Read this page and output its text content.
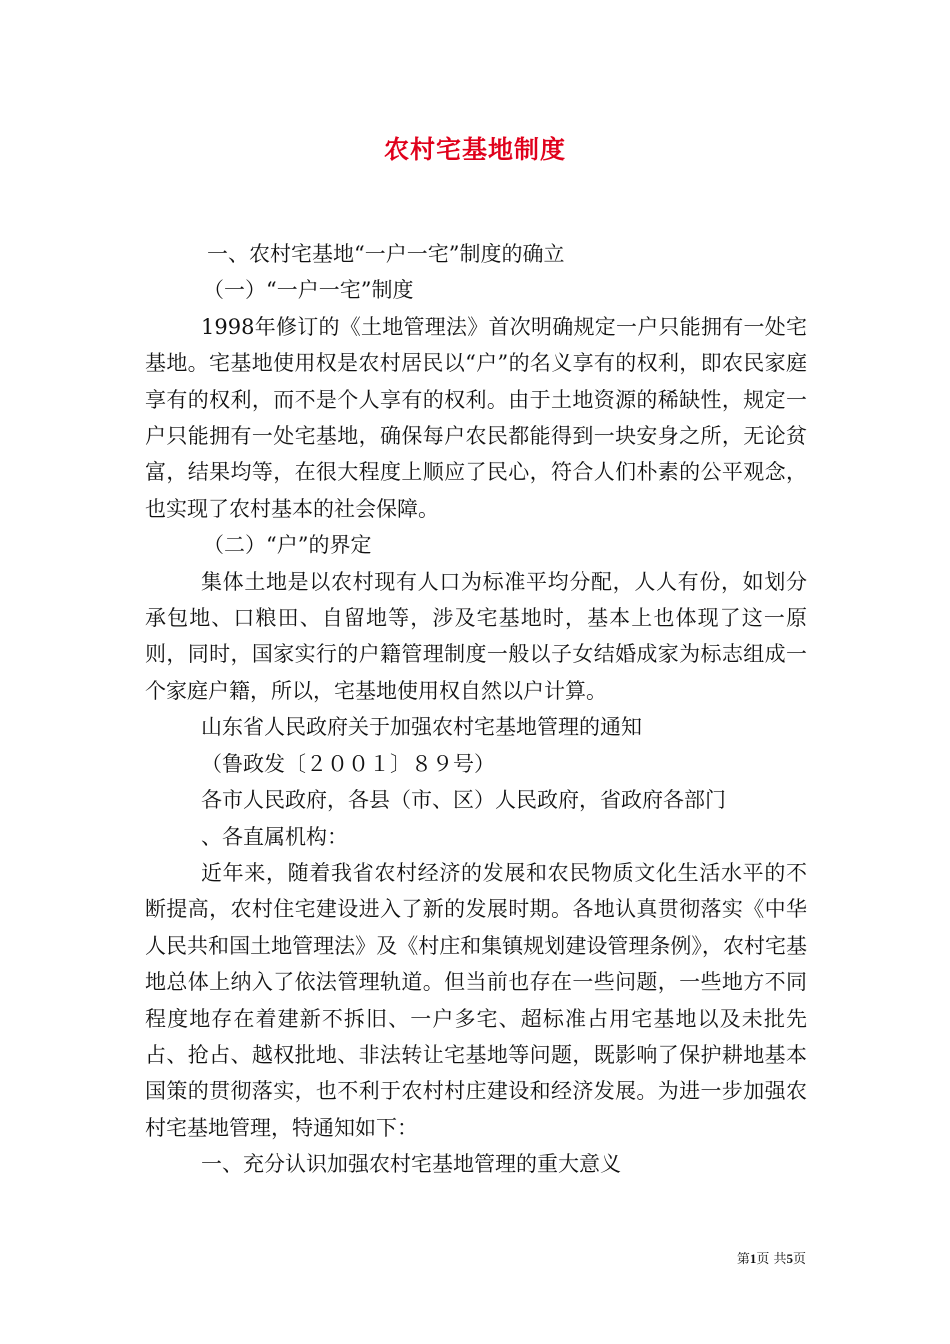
农村宅基地制度

一、农村宅基地“一户一宅”制度的确立

（一）“一户一宅”制度

1998年修订的《土地管理法》首次明确规定一户只能拥有一处宅基地。宅基地使用权是农村居民以“户”的名义享有的权利，即农民家庭享有的权利，而不是个人享有的权利。由于土地资源的稀缺性，规定一户只能拥有一处宅基地，确保每户农民都能得到一块安身之所，无论贫富，结果均等，在很大程度上顺应了民心，符合人们朴素的公平观念，也实现了农村基本的社会保障。

（二）“户”的界定

集体土地是以农村现有人口为标准平均分配，人人有份，如划分承包地、口粮田、自留地等，涉及宅基地时，基本上也体现了这一原则，同时，国家实行的户籍管理制度一般以子女结婚成家为标志组成一个家庭户籍，所以，宅基地使用权自然以户计算。

山东省人民政府关于加强农村宅基地管理的通知

（鲁政发〔２００１〕８９号）

各市人民政府，各县（市、区）人民政府，省政府各部门

、各直属机构：

近年来，随着我省农村经济的发展和农民物质文化生活水平的不断提高，农村住宅建设进入了新的发展时期。各地认真贯彻落实《中华人民共和国土地管理法》及《村庄和集镇规划建设管理条例》，农村宅基地总体上纳入了依法管理轨道。但当前也存在一些问题，一些地方不同程度地存在着建新不拆旧、一户多宅、超标准占用宅基地以及未批先占、抢占、越权批地、非法转让宅基地等问题，既影响了保护耕地基本国策的贯彻落实，也不利于农村村庄建设和经济发展。为进一步加强农村宅基地管理，特通知如下：

一、充分认识加强农村宅基地管理的重大意义

第1页 共5页
